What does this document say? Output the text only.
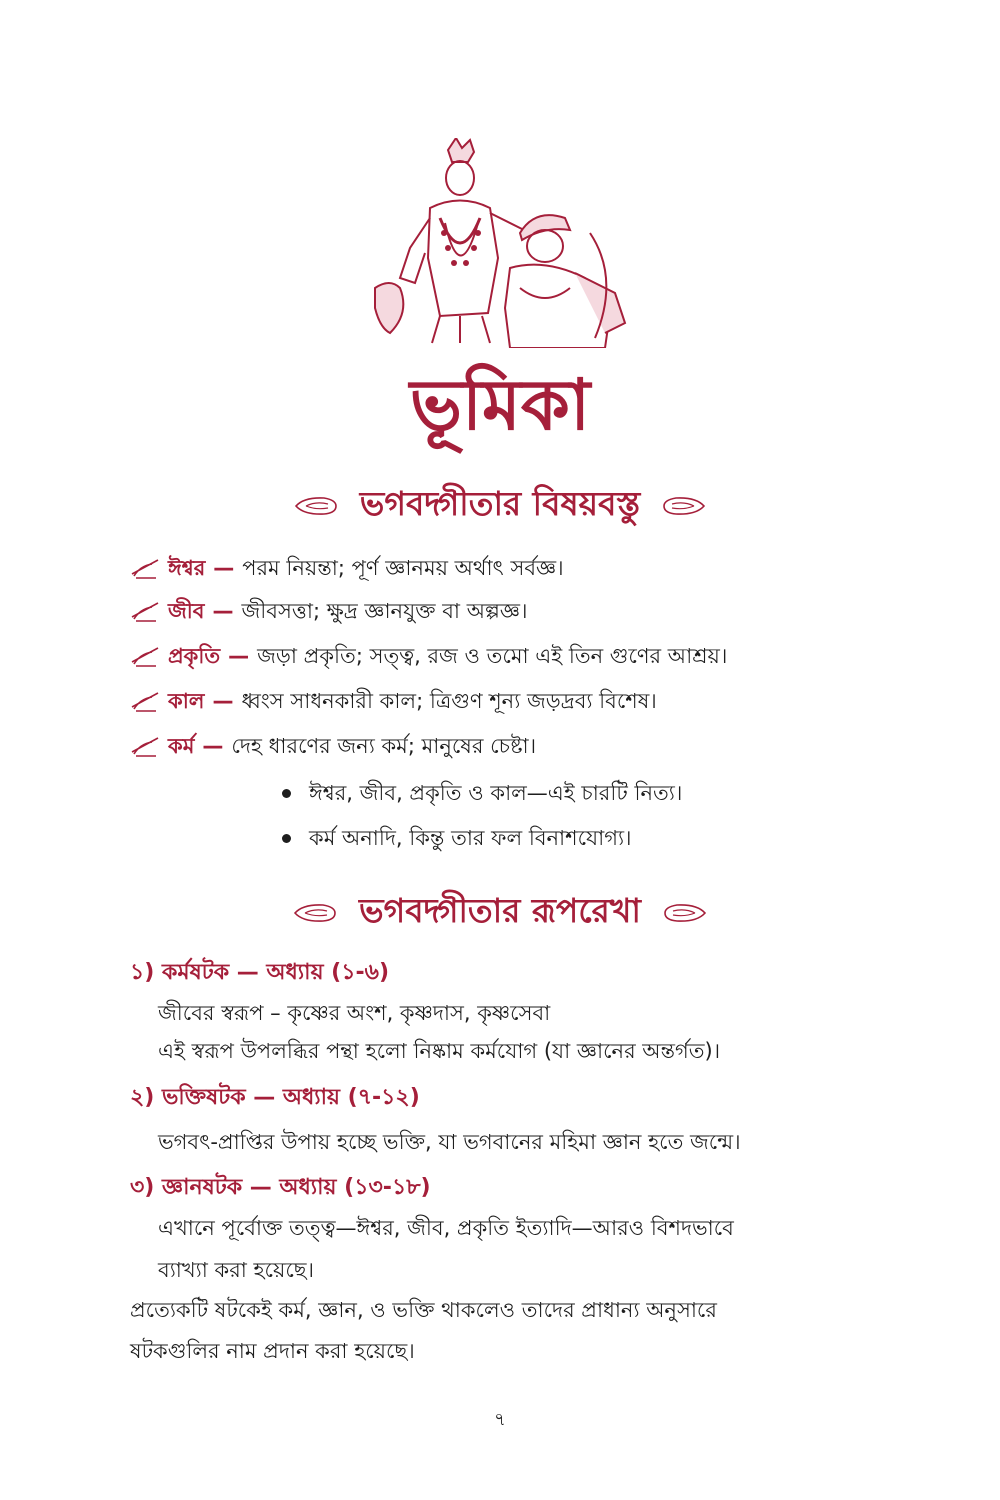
ভূমিকা
ভগবদ্গীতার বিষয়বস্তু
ঈশ্বর — পরম নিয়ন্তা; পূর্ণ জ্ঞানময় অর্থাৎ সর্বজ্ঞ।
জীব — জীবসত্তা; ক্ষুদ্র জ্ঞানযুক্ত বা অল্পজ্ঞ।
প্রকৃতি — জড়া প্রকৃতি; সত্ত্ব, রজ ও তমো এই তিন গুণের আশ্রয়।
কাল — ধ্বংস সাধনকারী কাল; ত্রিগুণ শূন্য জড়দ্রব্য বিশেষ।
কর্ম — দেহ ধারণের জন্য কর্ম; মানুষের চেষ্টা।
ঈশ্বর, জীব, প্রকৃতি ও কাল—এই চারটি নিত্য।
কর্ম অনাদি, কিন্তু তার ফল বিনাশযোগ্য।
ভগবদ্গীতার রূপরেখা
১) কর্মষটক — অধ্যায় (১-৬)
জীবের স্বরূপ – কৃষ্ণের অংশ, কৃষ্ণদাস, কৃষ্ণসেবা
এই স্বরূপ উপলব্ধির পন্থা হলো নিষ্কাম কর্মযোগ (যা জ্ঞানের অন্তর্গত)।
২) ভক্তিষটক — অধ্যায় (৭-১২)
ভগবৎ-প্রাপ্তির উপায় হচ্ছে ভক্তি, যা ভগবানের মহিমা জ্ঞান হতে জন্মে।
৩) জ্ঞানষটক — অধ্যায় (১৩-১৮)
এখানে পূর্বোক্ত তত্ত্ব—ঈশ্বর, জীব, প্রকৃতি ইত্যাদি—আরও বিশদভাবে
ব্যাখ্যা করা হয়েছে।
প্রত্যেকটি ষটকেই কর্ম, জ্ঞান, ও ভক্তি থাকলেও তাদের প্রাধান্য অনুসারে
ষটকগুলির নাম প্রদান করা হয়েছে।
৭
